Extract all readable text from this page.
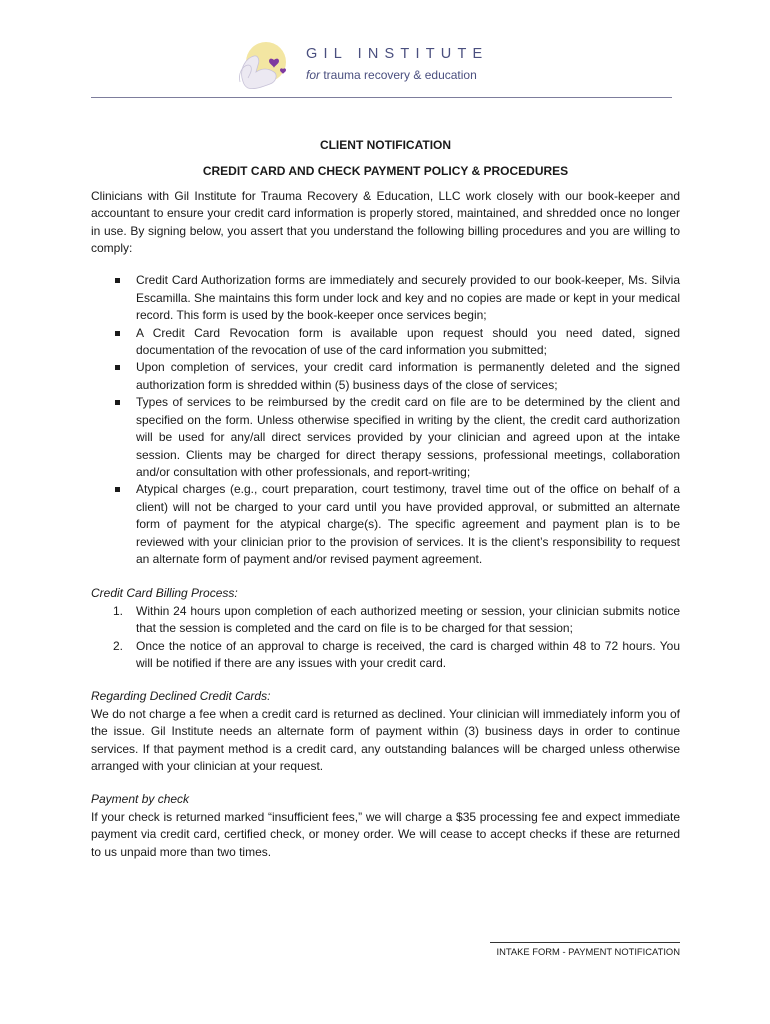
GIL INSTITUTE
for trauma recovery & education
CLIENT NOTIFICATION
CREDIT CARD AND CHECK PAYMENT POLICY & PROCEDURES

Clinicians with Gil Institute for Trauma Recovery & Education, LLC work closely with our book-keeper and accountant to ensure your credit card information is properly stored, maintained, and shredded once no longer in use. By signing below, you assert that you understand the following billing procedures and you are willing to comply:

Credit Card Authorization forms are immediately and securely provided to our book-keeper, Ms. Silvia Escamilla. She maintains this form under lock and key and no copies are made or kept in your medical record. This form is used by the book-keeper once services begin;
A Credit Card Revocation form is available upon request should you need dated, signed documentation of the revocation of use of the card information you submitted;
Upon completion of services, your credit card information is permanently deleted and the signed authorization form is shredded within (5) business days of the close of services;
Types of services to be reimbursed by the credit card on file are to be determined by the client and specified on the form. Unless otherwise specified in writing by the client, the credit card authorization will be used for any/all direct services provided by your clinician and agreed upon at the intake session. Clients may be charged for direct therapy sessions, professional meetings, collaboration and/or consultation with other professionals, and report-writing;
Atypical charges (e.g., court preparation, court testimony, travel time out of the office on behalf of a client) will not be charged to your card until you have provided approval, or submitted an alternate form of payment for the atypical charge(s). The specific agreement and payment plan is to be reviewed with your clinician prior to the provision of services. It is the client’s responsibility to request an alternate form of payment and/or revised payment agreement.
Credit Card Billing Process:
1. Within 24 hours upon completion of each authorized meeting or session, your clinician submits notice that the session is completed and the card on file is to be charged for that session;
2. Once the notice of an approval to charge is received, the card is charged within 48 to 72 hours. You will be notified if there are any issues with your credit card.
Regarding Declined Credit Cards:

We do not charge a fee when a credit card is returned as declined. Your clinician will immediately inform you of the issue. Gil Institute needs an alternate form of payment within (3) business days in order to continue services. If that payment method is a credit card, any outstanding balances will be charged unless otherwise arranged with your clinician at your request.

Payment by check

If your check is returned marked “insufficient fees,” we will charge a $35 processing fee and expect immediate payment via credit card, certified check, or money order. We will cease to accept checks if these are returned to us unpaid more than two times.

INTAKE FORM - PAYMENT NOTIFICATION
